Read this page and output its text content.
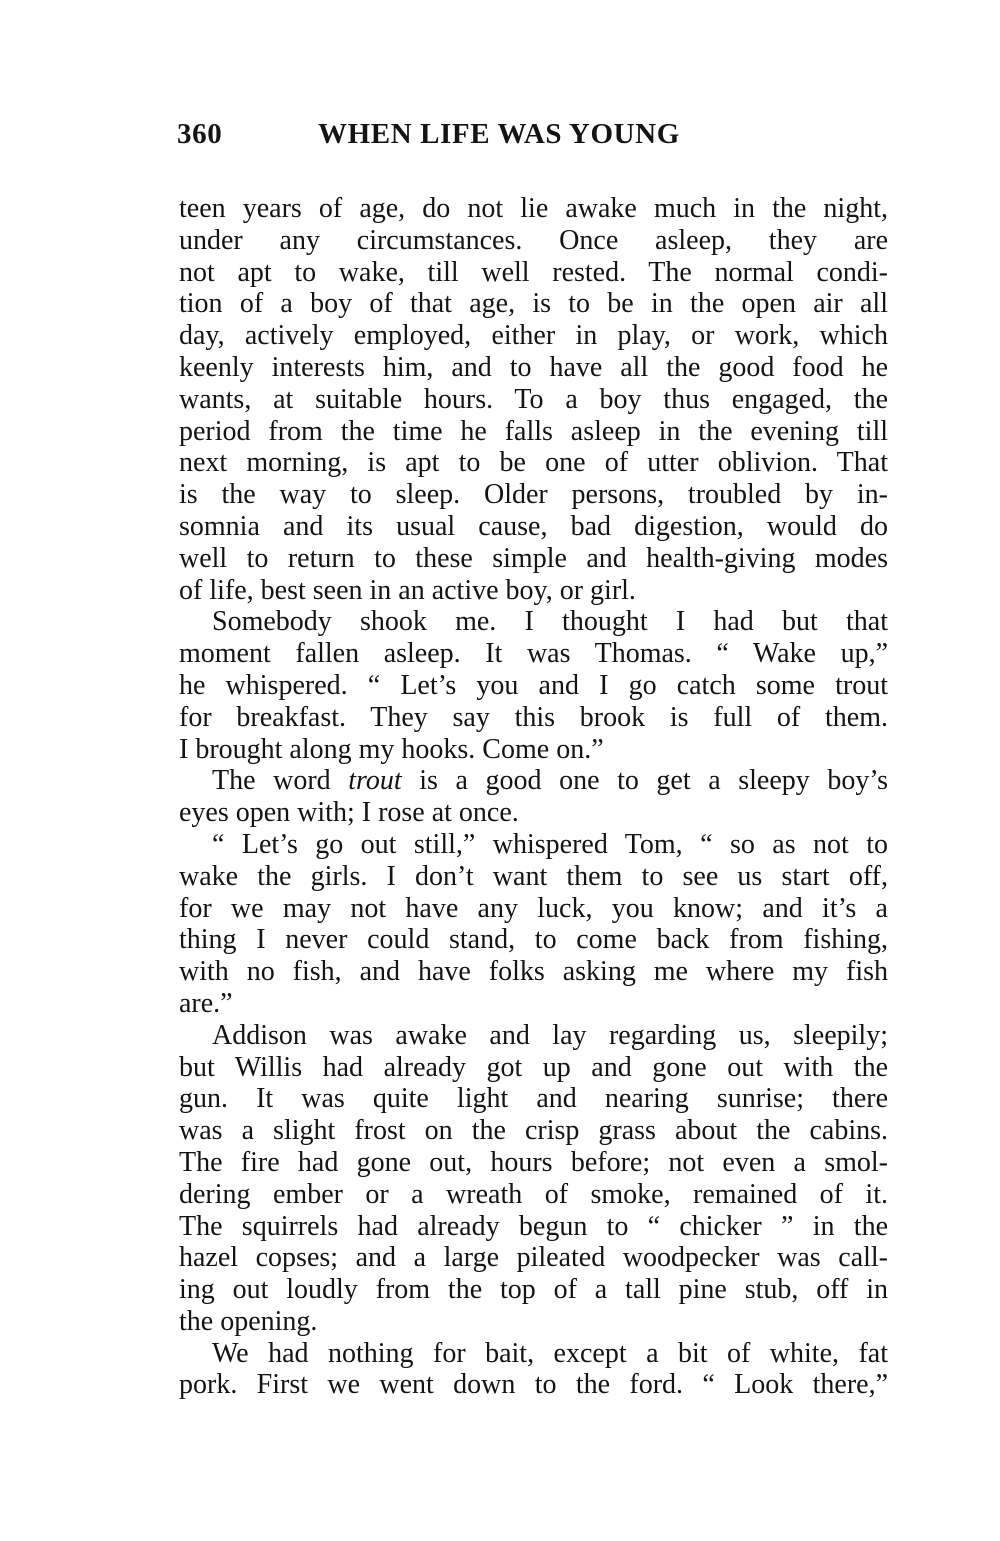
360	WHEN LIFE WAS YOUNG
teen years of age, do not lie awake much in the night,
under any circumstances. Once asleep, they are
not apt to wake, till well rested. The normal condi-
tion of a boy of that age, is to be in the open air all
day, actively employed, either in play, or work, which
keenly interests him, and to have all the good food he
wants, at suitable hours. To a boy thus engaged, the
period from the time he falls asleep in the evening till
next morning, is apt to be one of utter oblivion. That
is the way to sleep. Older persons, troubled by in-
somnia and its usual cause, bad digestion, would do
well to return to these simple and health-giving modes
of life, best seen in an active boy, or girl.
Somebody shook me. I thought I had but that
moment fallen asleep. It was Thomas. “ Wake up,”
he whispered. “ Let’s you and I go catch some trout
for breakfast. They say this brook is full of them.
I brought along my hooks. Come on.”
The word trout is a good one to get a sleepy boy’s
eyes open with; I rose at once.
“ Let’s go out still,” whispered Tom, “ so as not to
wake the girls. I don’t want them to see us start off,
for we may not have any luck, you know; and it’s a
thing I never could stand, to come back from fishing,
with no fish, and have folks asking me where my fish
are.”
Addison was awake and lay regarding us, sleepily;
but Willis had already got up and gone out with the
gun. It was quite light and nearing sunrise; there
was a slight frost on the crisp grass about the cabins.
The fire had gone out, hours before; not even a smol-
dering ember or a wreath of smoke, remained of it.
The squirrels had already begun to “ chicker ” in the
hazel copses; and a large pileated woodpecker was call-
ing out loudly from the top of a tall pine stub, off in
the opening.
We had nothing for bait, except a bit of white, fat
pork. First we went down to the ford. “ Look there,”
